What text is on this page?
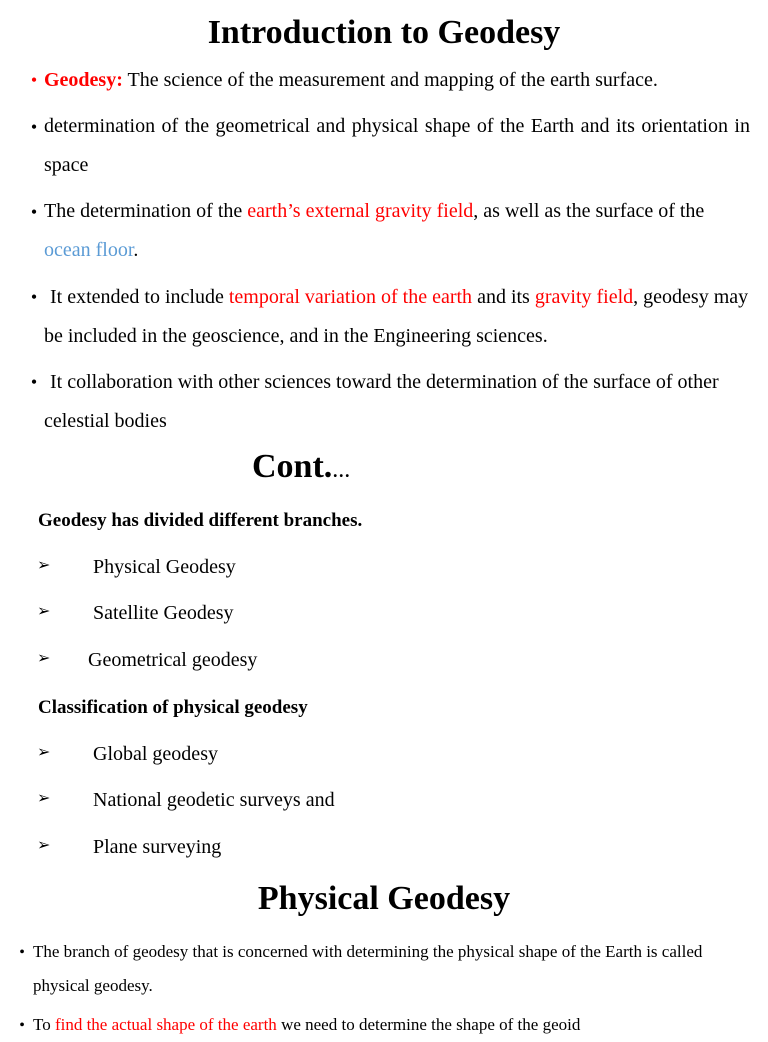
Introduction to Geodesy
• Geodesy: The science of the measurement and mapping of the earth surface.
• determination of the geometrical and physical shape of the Earth and its orientation in space
• The determination of the earth’s external gravity field, as well as the surface of the ocean floor.
• It extended to include temporal variation of the earth and its gravity field, geodesy may be included in the geoscience, and in the Engineering sciences.
• It collaboration with other sciences toward the determination of the surface of other celestial bodies
Cont....
Geodesy has divided different branches.
➢ Physical Geodesy
➢ Satellite Geodesy
➢ Geometrical geodesy
Classification of physical geodesy
➢ Global geodesy
➢ National geodetic surveys and
➢ Plane surveying
Physical Geodesy
• The branch of geodesy that is concerned with determining the physical shape of the Earth is called physical geodesy.
• To find the actual shape of the earth we need to determine the shape of the geoid
